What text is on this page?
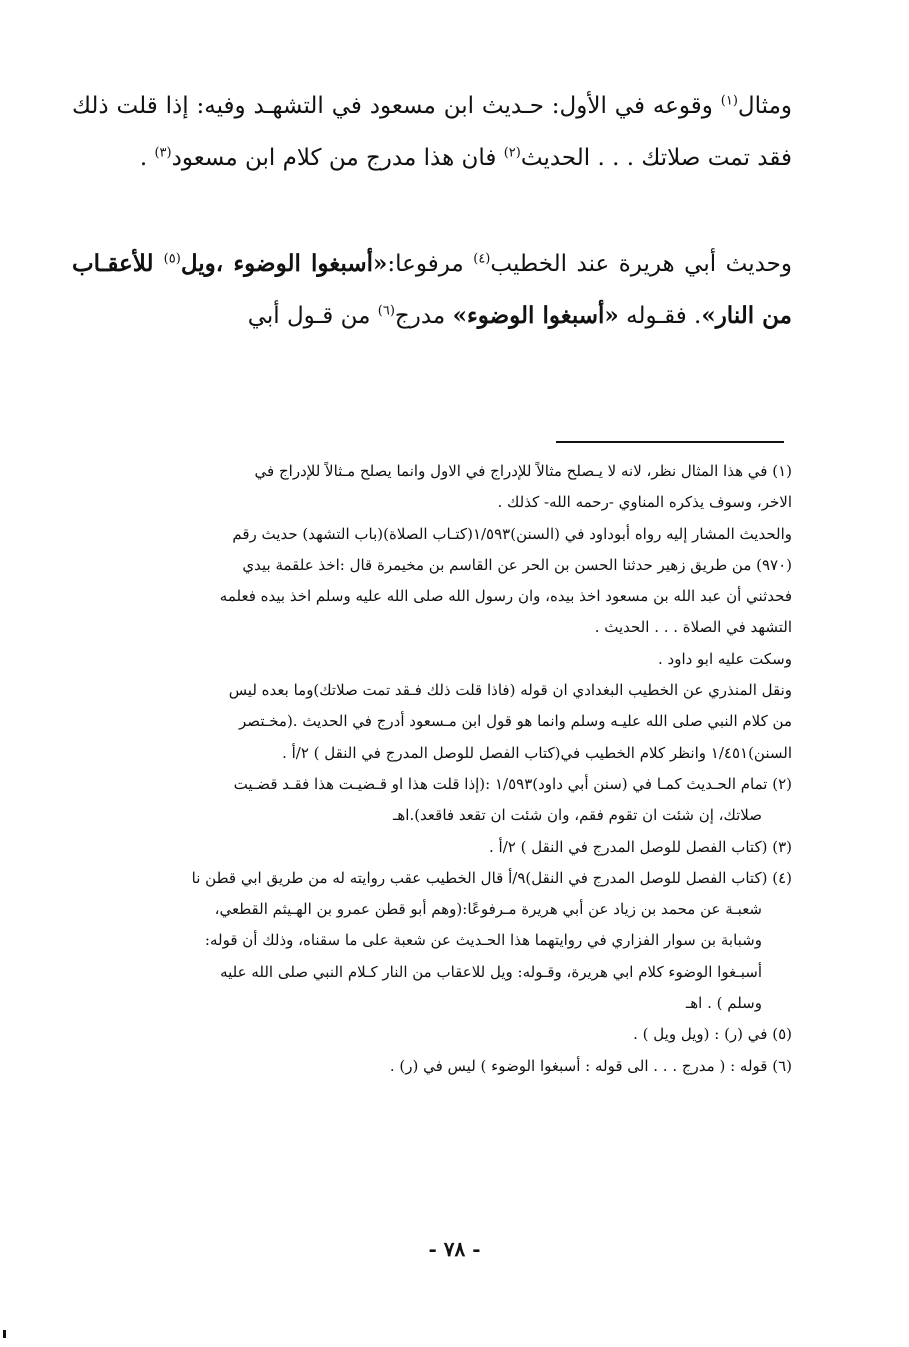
ومثال$^{(١)}$ وقوعه في الأول: حـديث ابن مسعود في التشهـد وفيه: إذا قلت ذلك فقد تمت صلاتك . . . الحديث$^{(٢)}$ فان هذا مدرج من كلام ابن مسعود$^{(٣)}$ .

وحديث أبي هريرة عند الخطيب$^{(٤)}$ مرفوعا:«أسبغوا الوضوء ،ويل$^{(٥)}$ للأعقـاب من النار». فقـوله «أسبغوا الوضوء» مدرج$^{(٦)}$ من قـول أبي

(١) في هذا المثال نظر، لانه لا يـصلح مثالاً للإدراج في الاول وانما يصلح مـثالاً للإدراج في

الاخر، وسوف يذكره المناوي -رحمه الله- كذلك .

والحديث المشار إليه رواه أبوداود في (السنن)١/٥٩٣(كتـاب الصلاة)(باب التشهد) حديث رقم

(٩٧٠) من طريق زهير حدثنا الحسن بن الحر عن القاسم بن مخيمرة قال :اخذ علقمة بيدي

فحدثني أن عبد الله بن مسعود اخذ بيده، وان رسول الله صلى الله عليه وسلم اخذ بيده فعلمه

التشهد في الصلاة . . . الحديث .

وسكت عليه ابو داود .

ونقل المنذري عن الخطيب البغدادي ان قوله (فاذا قلت ذلك فـقد تمت صلاتك)وما بعده ليس

من كلام النبي صلى الله عليـه وسلم وانما هو قول ابن مـسعود أدرج في الحديث .(مخـتصر

السنن)١/٤٥١ وانظر كلام الخطيب في(كتاب الفصل للوصل المدرج في النقل ) ٢/أ .

(٢) تمام الحـديث كمـا في (سنن أبي داود)١/٥٩٣ :(إذا قلت هذا او قـضيـت هذا فقـد قضـيت

صلاتك، إن شئت ان تقوم فقم، وان شئت ان تقعد فاقعد).اهـ

(٣) (كتاب الفصل للوصل المدرج في النقل ) ٢/أ .

(٤) (كتاب الفصل للوصل المدرج في النقل)٩/أ قال الخطيب عقب روايته له من طريق ابي قطن نا

شعبـة عن محمد بن زياد عن أبي هريرة مـرفوعًا:(وهم أبو قطن عمرو بن الهـيثم القطعي،

وشبابة بن سوار الفزاري في روايتهما هذا الحـديث عن شعبة على ما سقناه، وذلك أن قوله:

أسبـغوا الوضوء كلام ابي هريرة، وقـوله: ويل للاعقاب من النار كـلام النبي صلى الله عليه

وسلم ) . اهـ

(٥) في (ر) : (ويل ويل ) .

(٦) قوله : ( مدرج . . . الى قوله : أسبغوا الوضوء ) ليس في (ر) .

- ٧٨ -
